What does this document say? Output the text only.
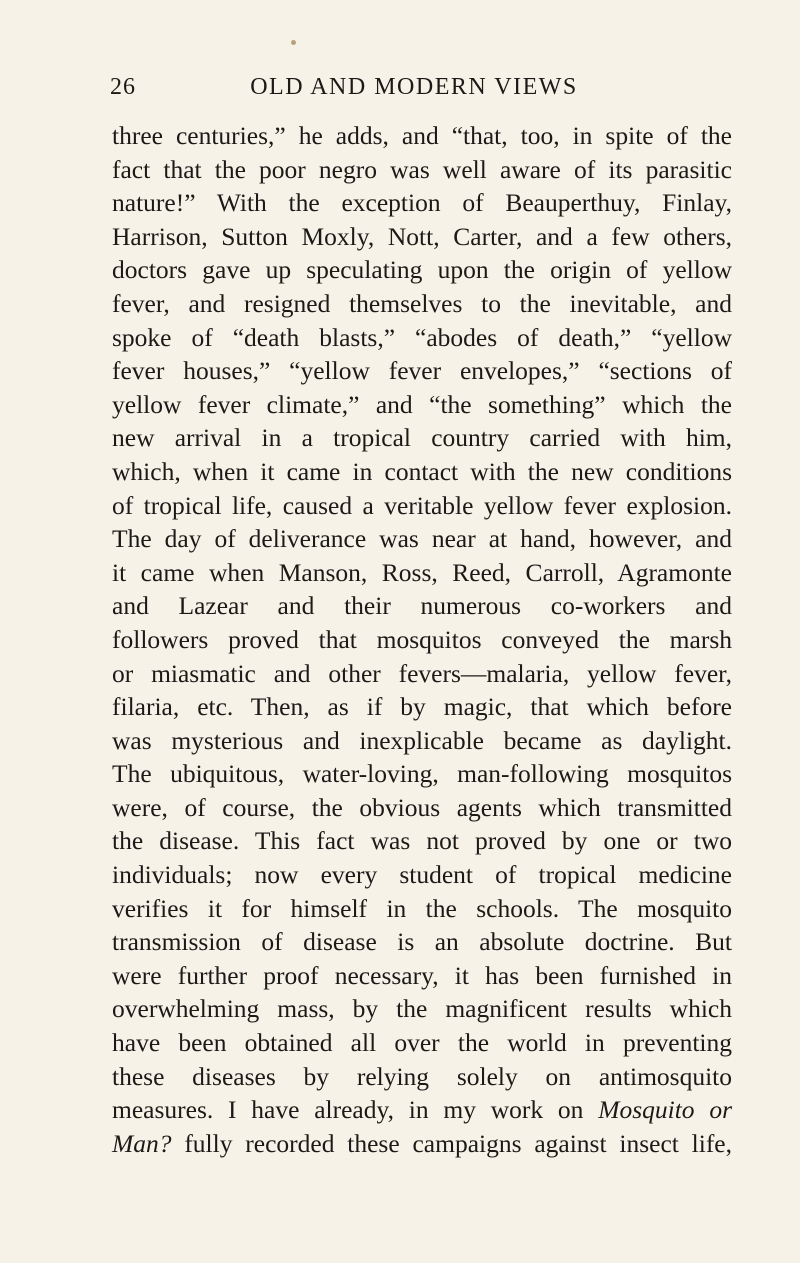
26	OLD AND MODERN VIEWS
three centuries,” he adds, and “that, too, in spite of the
fact that the poor negro was well aware of its parasitic
nature!” With the exception of Beauperthuy, Finlay,
Harrison, Sutton Moxly, Nott, Carter, and a few others,
doctors gave up speculating upon the origin of yellow
fever, and resigned themselves to the inevitable, and
spoke of “death blasts,” “abodes of death,” “yellow
fever houses,” “yellow fever envelopes,” “sections of
yellow fever climate,” and “the something” which the
new arrival in a tropical country carried with him,
which, when it came in contact with the new conditions
of tropical life, caused a veritable yellow fever explosion.
The day of deliverance was near at hand, however, and
it came when Manson, Ross, Reed, Carroll, Agramonte
and Lazear and their numerous co-workers and
followers proved that mosquitos conveyed the marsh
or miasmatic and other fevers—malaria, yellow fever,
filaria, etc. Then, as if by magic, that which before
was mysterious and inexplicable became as daylight.
The ubiquitous, water-loving, man-following mosquitos
were, of course, the obvious agents which transmitted
the disease. This fact was not proved by one or two
individuals; now every student of tropical medicine
verifies it for himself in the schools. The mosquito
transmission of disease is an absolute doctrine. But
were further proof necessary, it has been furnished in
overwhelming mass, by the magnificent results which
have been obtained all over the world in preventing
these diseases by relying solely on antimosquito
measures. I have already, in my work on Mosquito or
Man? fully recorded these campaigns against insect life,
